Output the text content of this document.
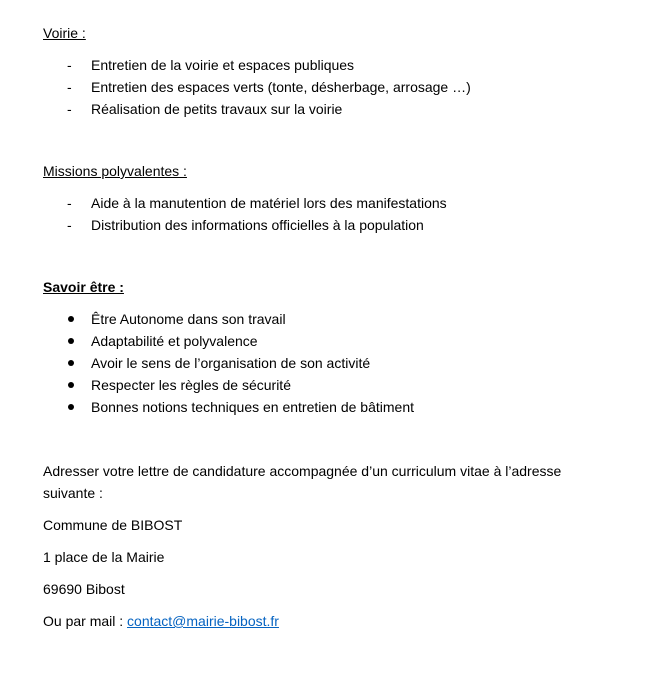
Voirie :

-	Entretien de la voirie et espaces publiques
-	Entretien des espaces verts (tonte, désherbage, arrosage …)
-	Réalisation de petits travaux sur la voirie

Missions polyvalentes :

-	Aide à la manutention de matériel lors des manifestations
-	Distribution des informations officielles à la population

Savoir être :

Être Autonome dans son travail
Adaptabilité et polyvalence
Avoir le sens de l’organisation de son activité
Respecter les règles de sécurité
Bonnes notions techniques en entretien de bâtiment

Adresser votre lettre de candidature accompagnée d’un curriculum vitae à l’adresse

suivante :

Commune de BIBOST

1 place de la Mairie

69690 Bibost

Ou par mail : contact@mairie-bibost.fr
